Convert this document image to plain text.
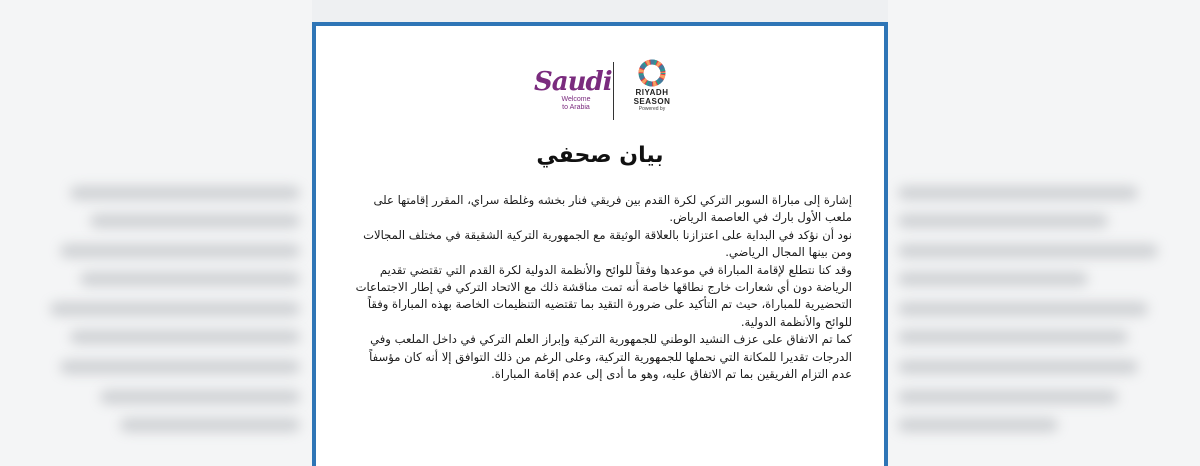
Saudi
Welcome
to Arabia
RIYADH
SEASON
Powered by
بيان صحفي

إشارة إلى مباراة السوبر التركي لكرة القدم بين فريقي فنار بخشه وغلطة سراي، المقرر إقامتها على ملعب الأول بارك في العاصمة الرياض.

نود أن نؤكد في البداية على اعتزازنا بالعلاقة الوثيقة مع الجمهورية التركية الشقيقة في مختلف المجالات ومن بينها المجال الرياضي.

وقد كنا نتطلع لإقامة المباراة في موعدها وفقاً للوائح والأنظمة الدولية لكرة القدم التي تقتضي تقديم الرياضة دون أي شعارات خارج نطاقها خاصة أنه تمت مناقشة ذلك مع الاتحاد التركي في إطار الاجتماعات التحضيرية للمباراة، حيث تم التأكيد على ضرورة التقيد بما تقتضيه التنظيمات الخاصة بهذه المباراة وفقاً للوائح والأنظمة الدولية.

كما تم الاتفاق على عزف النشيد الوطني للجمهورية التركية وإبراز العلم التركي في داخل الملعب وفي الدرجات تقديرا للمكانة التي نحملها للجمهورية التركية، وعلى الرغم من ذلك التوافق إلا أنه كان مؤسفاً عدم التزام الفريقين بما تم الاتفاق عليه، وهو ما أدى إلى عدم إقامة المباراة.
